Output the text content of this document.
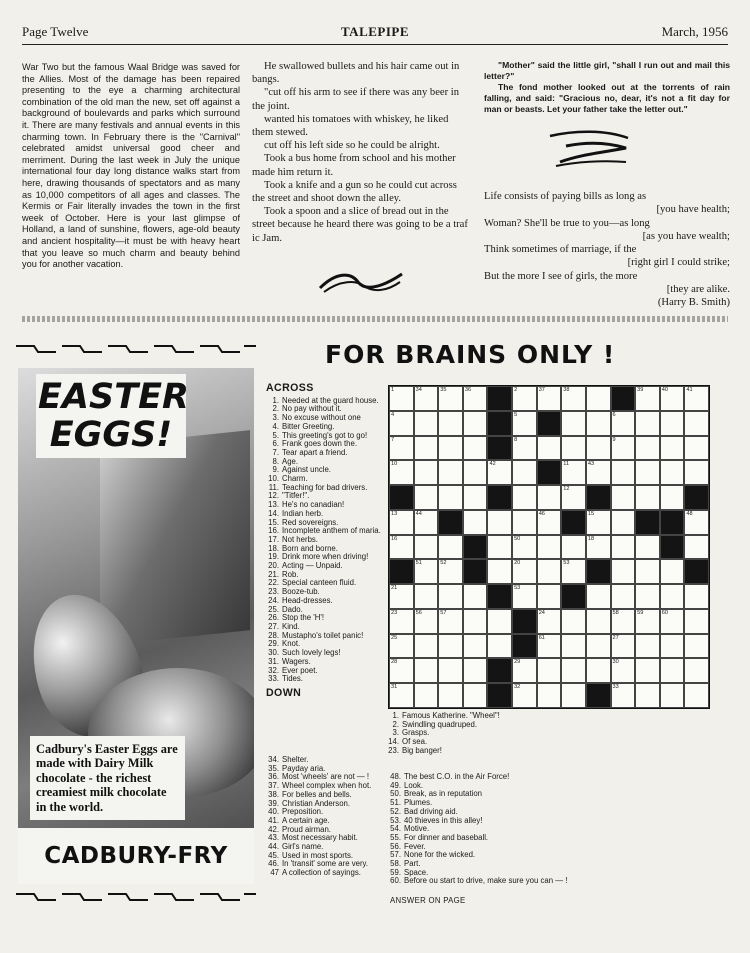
Page Twelve	TALEPIPE	March, 1956
War Two but the famous Waal Bridge was saved for the Allies. Most of the damage has been repaired presenting to the eye a charming architectural combination of the old man the new, set off against a background of boulevards and parks which surround it. There are many festivals and annual events in this charming town. In February there is the "Carnival" celebrated amidst universal good cheer and merriment. During the last week in July the unique international four day long distance walks start from here, drawing thousands of spectators and as many as 10,000 competitors of all ages and classes. The Kermis or Fair literally invades the town in the first week of October. Here is your last glimpse of Holland, a land of sunshine, flowers, age-old beauty and ancient hospitality—it must be with heavy heart that you leave so much charm and beauty behind you for another vacation.

He swallowed bullets and his hair came out in bangs.

"cut off his arm to see if there was any beer in the joint.

wanted his tomatoes with whiskey, he liked them stewed.

cut off his left side so he could be alright.

Took a bus home from school and his mother made him return it.

Took a knife and a gun so he could cut across the street and shoot down the alley.

Took a spoon and a slice of bread out in the street because he heard there was going to be a traf ic Jam.

"Mother" said the little girl, "shall I run out and mail this letter?"

The fond mother looked out at the torrents of rain falling, and said: "Gracious no, dear, it's not a fit day for man or beasts. Let your father take the letter out."

Life consists of paying bills as long as
[you have health;
Woman? She'll be true to you—as long
[as you have wealth;
Think sometimes of marriage, if the
[right girl I could strike;
But the more I see of girls, the more
[they are alike.
(Harry B. Smith)
EASTER
EGGS!
Cadbury's Easter Eggs are made with Dairy Milk chocolate - the richest creamiest milk chocolate in the world.
CADBURY-FRY
FOR BRAINS ONLY !
ACROSS
1. Needed at the guard house.
2. No pay without it.
3. No excuse without one
4. Bitter Greeting.
5. This greeting's got to go!
6. Frank goes down the.
7. Tear apart a friend.
8. Age.
9. Against uncle.
10. Charm.
11. Teaching for bad drivers.
12. "Titfer!".
13. He's no canadian!
14. Indian herb.
15. Red sovereigns.
16. Incomplete anthem of maria.
17. Not herbs.
18. Born and borne.
19. Drink more when driving!
20. Acting — Unpaid.
21. Rob.
22. Special canteen fluid.
23. Booze-tub.
24. Head-dresses.
25. Dado.
26. Stop the 'H'!
27. Kind.
28. Mustapho's toilet panic!
29. Knot.
30. Such lovely legs!
31. Wagers.
32. Ever poet.
33. Tides.
DOWN
1	34	35	36	2	37	38	39	40	41
4	5	6
7	8	9
10	42	11	43
12
13	44	46	15	48
16	50	18
51	52	20	53
21	53
23	56	57	24	58	59	60
25	61	27
28	29	30
31	32	33
1. Famous Katherine. "Wheel"!
2. Swindling quadruped.
3. Grasps.
14. Of sea.
23. Big banger!
34. Shelter.
35. Payday aria.
36. Most 'wheels' are not — !
37. Wheel complex when hot.
38. For belles and bells.
39. Christian Anderson.
40. Preposition.
41. A certain age.
42. Proud airman.
43. Most necessary habit.
44. Girl's name.
45. Used in most sports.
46. In 'transit' some are very.
47 A collection of sayings.
48. The best C.O. in the Air Force!
49. Look.
50. Break, as in reputation
51. Plumes.
52. Bad driving aid.
53. 40 thieves in this alley!
54. Motive.
55. For dinner and baseball.
56. Fever.
57. None for the wicked.
58. Part.
59. Space.
60. Before ou start to drive, make sure you can — !
ANSWER ON PAGE
